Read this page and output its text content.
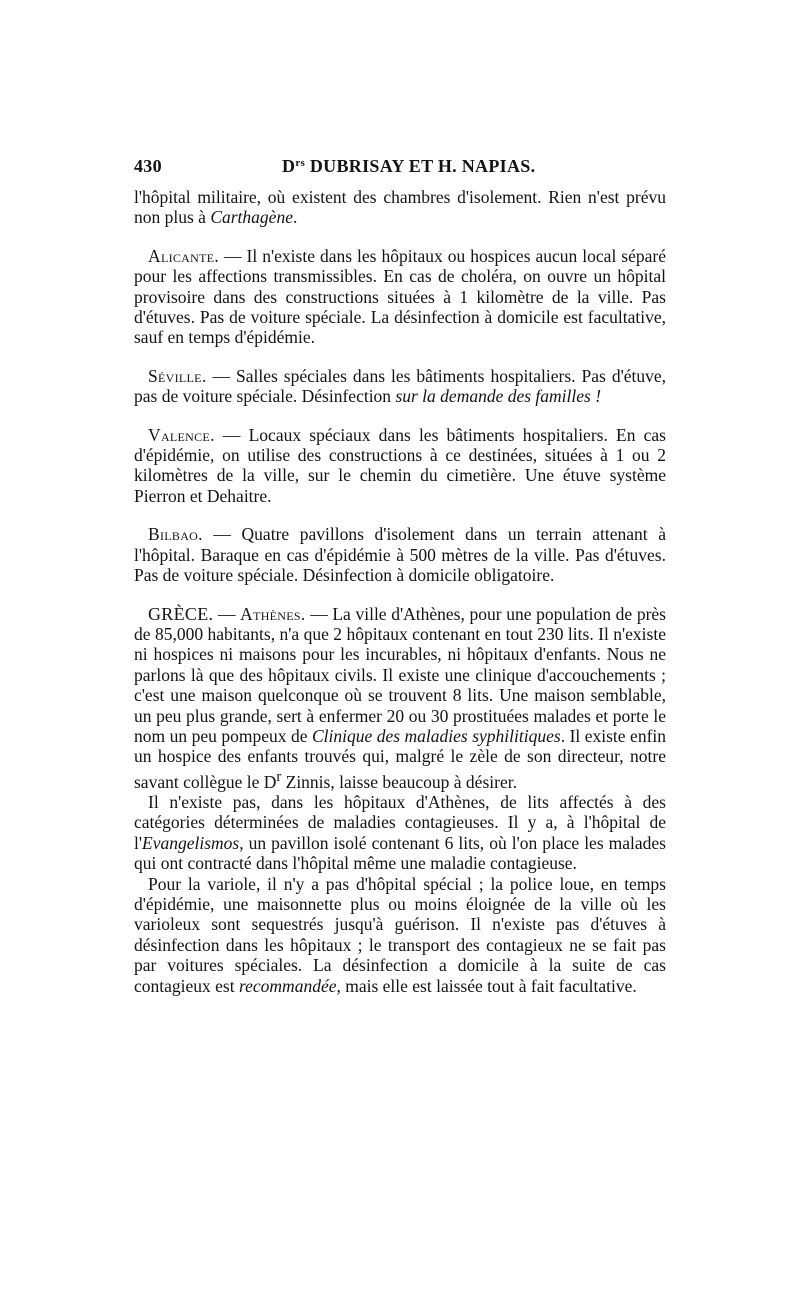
430	$D^{rs}$ DUBRISAY ET H. NAPIAS.

l'hôpital militaire, où existent des chambres d'isolement. Rien n'est prévu non plus à Carthagène.

Alicante. — Il n'existe dans les hôpitaux ou hospices aucun local séparé pour les affections transmissibles. En cas de choléra, on ouvre un hôpital provisoire dans des constructions situées à 1 kilomètre de la ville. Pas d'étuves. Pas de voiture spéciale. La désinfection à domicile est facultative, sauf en temps d'épidémie.

Séville. — Salles spéciales dans les bâtiments hospitaliers. Pas d'étuve, pas de voiture spéciale. Désinfection sur la demande des familles !

Valence. — Locaux spéciaux dans les bâtiments hospitaliers. En cas d'épidémie, on utilise des constructions à ce destinées, situées à 1 ou 2 kilomètres de la ville, sur le chemin du cimetière. Une étuve système Pierron et Dehaitre.

Bilbao. — Quatre pavillons d'isolement dans un terrain attenant à l'hôpital. Baraque en cas d'épidémie à 500 mètres de la ville. Pas d'étuves. Pas de voiture spéciale. Désinfection à domicile obligatoire.

GRÈCE. — Athènes. — La ville d'Athènes, pour une population de près de 85,000 habitants, n'a que 2 hôpitaux contenant en tout 230 lits. Il n'existe ni hospices ni maisons pour les incurables, ni hôpitaux d'enfants. Nous ne parlons là que des hôpitaux civils. Il existe une clinique d'accouchements ; c'est une maison quelconque où se trouvent 8 lits. Une maison semblable, un peu plus grande, sert à enfermer 20 ou 30 prostituées malades et porte le nom un peu pompeux de Clinique des maladies syphilitiques. Il existe enfin un hospice des enfants trouvés qui, malgré le zèle de son directeur, notre savant collègue le $D^r$ Zinnis, laisse beaucoup à désirer.

Il n'existe pas, dans les hôpitaux d'Athènes, de lits affectés à des catégories déterminées de maladies contagieuses. Il y a, à l'hôpital de l'Evangelismos, un pavillon isolé contenant 6 lits, où l'on place les malades qui ont contracté dans l'hôpital même une maladie contagieuse.

Pour la variole, il n'y a pas d'hôpital spécial ; la police loue, en temps d'épidémie, une maisonnette plus ou moins éloignée de la ville où les varioleux sont sequestrés jusqu'à guérison. Il n'existe pas d'étuves à désinfection dans les hôpitaux ; le transport des contagieux ne se fait pas par voitures spéciales. La désinfection a domicile à la suite de cas contagieux est recommandée, mais elle est laissée tout à fait facultative.
